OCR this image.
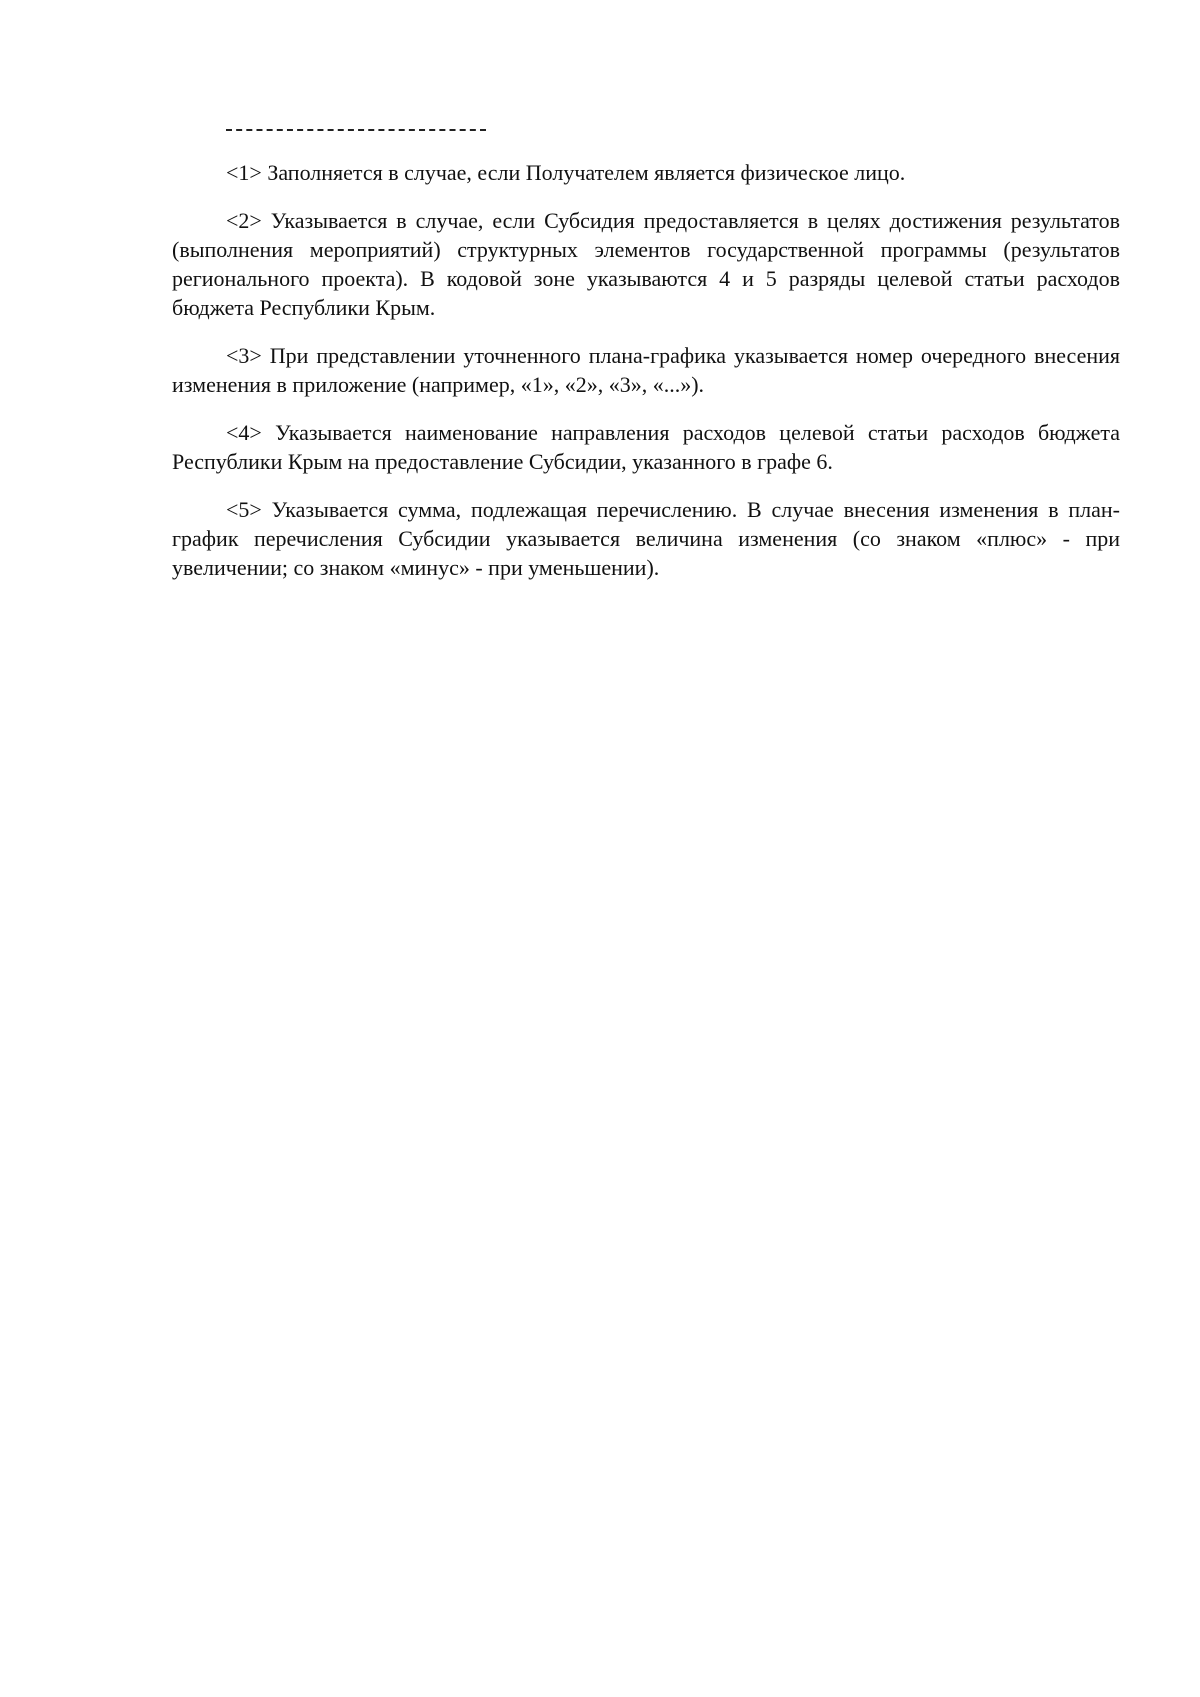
<1> Заполняется в случае, если Получателем является физическое лицо.

<2> Указывается в случае, если Субсидия предоставляется в целях достижения результатов (выполнения мероприятий) структурных элементов государственной программы (результатов регионального проекта). В кодовой зоне указываются 4 и 5 разряды целевой статьи расходов бюджета Республики Крым.

<3> При представлении уточненного плана-графика указывается номер очередного внесения изменения в приложение (например, «1», «2», «3», «...»).

<4> Указывается наименование направления расходов целевой статьи расходов бюджета Республики Крым на предоставление Субсидии, указанного в графе 6.

<5> Указывается сумма, подлежащая перечислению. В случае внесения изменения в план-график перечисления Субсидии указывается величина изменения (со знаком «плюс» - при увеличении; со знаком «минус» - при уменьшении).
